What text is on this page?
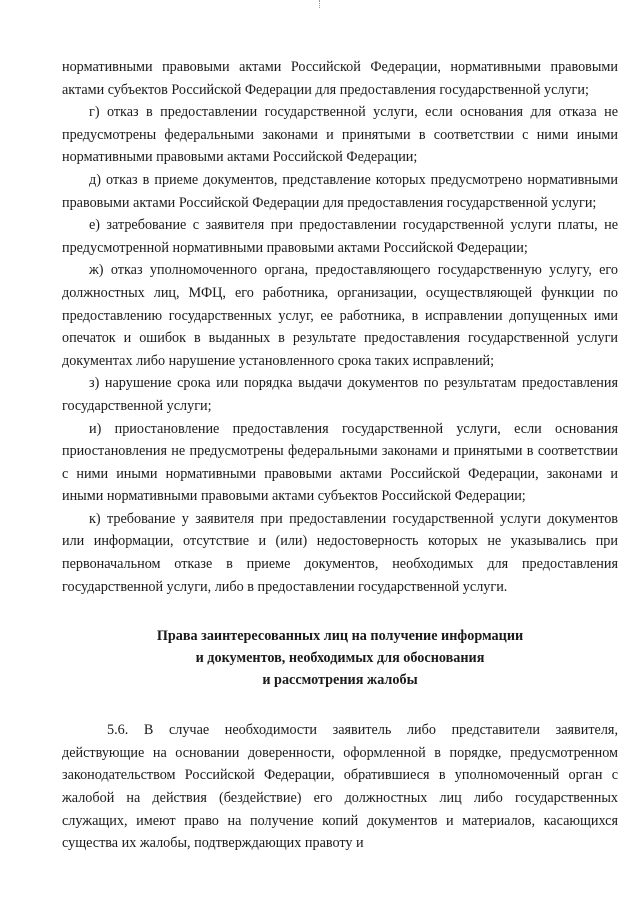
нормативными правовыми актами Российской Федерации, нормативными правовыми актами субъектов Российской Федерации для предоставления государственной услуги;

г) отказ в предоставлении государственной услуги, если основания для отказа не предусмотрены федеральными законами и принятыми в соответствии с ними иными нормативными правовыми актами Российской Федерации;

д) отказ в приеме документов, представление которых предусмотрено нормативными правовыми актами Российской Федерации для предоставления государственной услуги;

е) затребование с заявителя при предоставлении государственной услуги платы, не предусмотренной нормативными правовыми актами Российской Федерации;

ж) отказ уполномоченного органа, предоставляющего государственную услугу, его должностных лиц, МФЦ, его работника, организации, осуществляющей функции по предоставлению государственных услуг, ее работника, в исправлении допущенных ими опечаток и ошибок в выданных в результате предоставления государственной услуги документах либо нарушение установленного срока таких исправлений;

з) нарушение срока или порядка выдачи документов по результатам предоставления государственной услуги;

и) приостановление предоставления государственной услуги, если основания приостановления не предусмотрены федеральными законами и принятыми в соответствии с ними иными нормативными правовыми актами Российской Федерации, законами и иными нормативными правовыми актами субъектов Российской Федерации;

к) требование у заявителя при предоставлении государственной услуги документов или информации, отсутствие и (или) недостоверность которых не указывались при первоначальном отказе в приеме документов, необходимых для предоставления государственной услуги, либо в предоставлении государственной услуги.

Права заинтересованных лиц на получение информации
и документов, необходимых для обоснования
и рассмотрения жалобы

5.6. В случае необходимости заявитель либо представители заявителя, действующие на основании доверенности, оформленной в порядке, предусмотренном законодательством Российской Федерации, обратившиеся в уполномоченный орган с жалобой на действия (бездействие) его должностных лиц либо государственных служащих, имеют право на получение копий документов и материалов, касающихся существа их жалобы, подтверждающих правоту и
